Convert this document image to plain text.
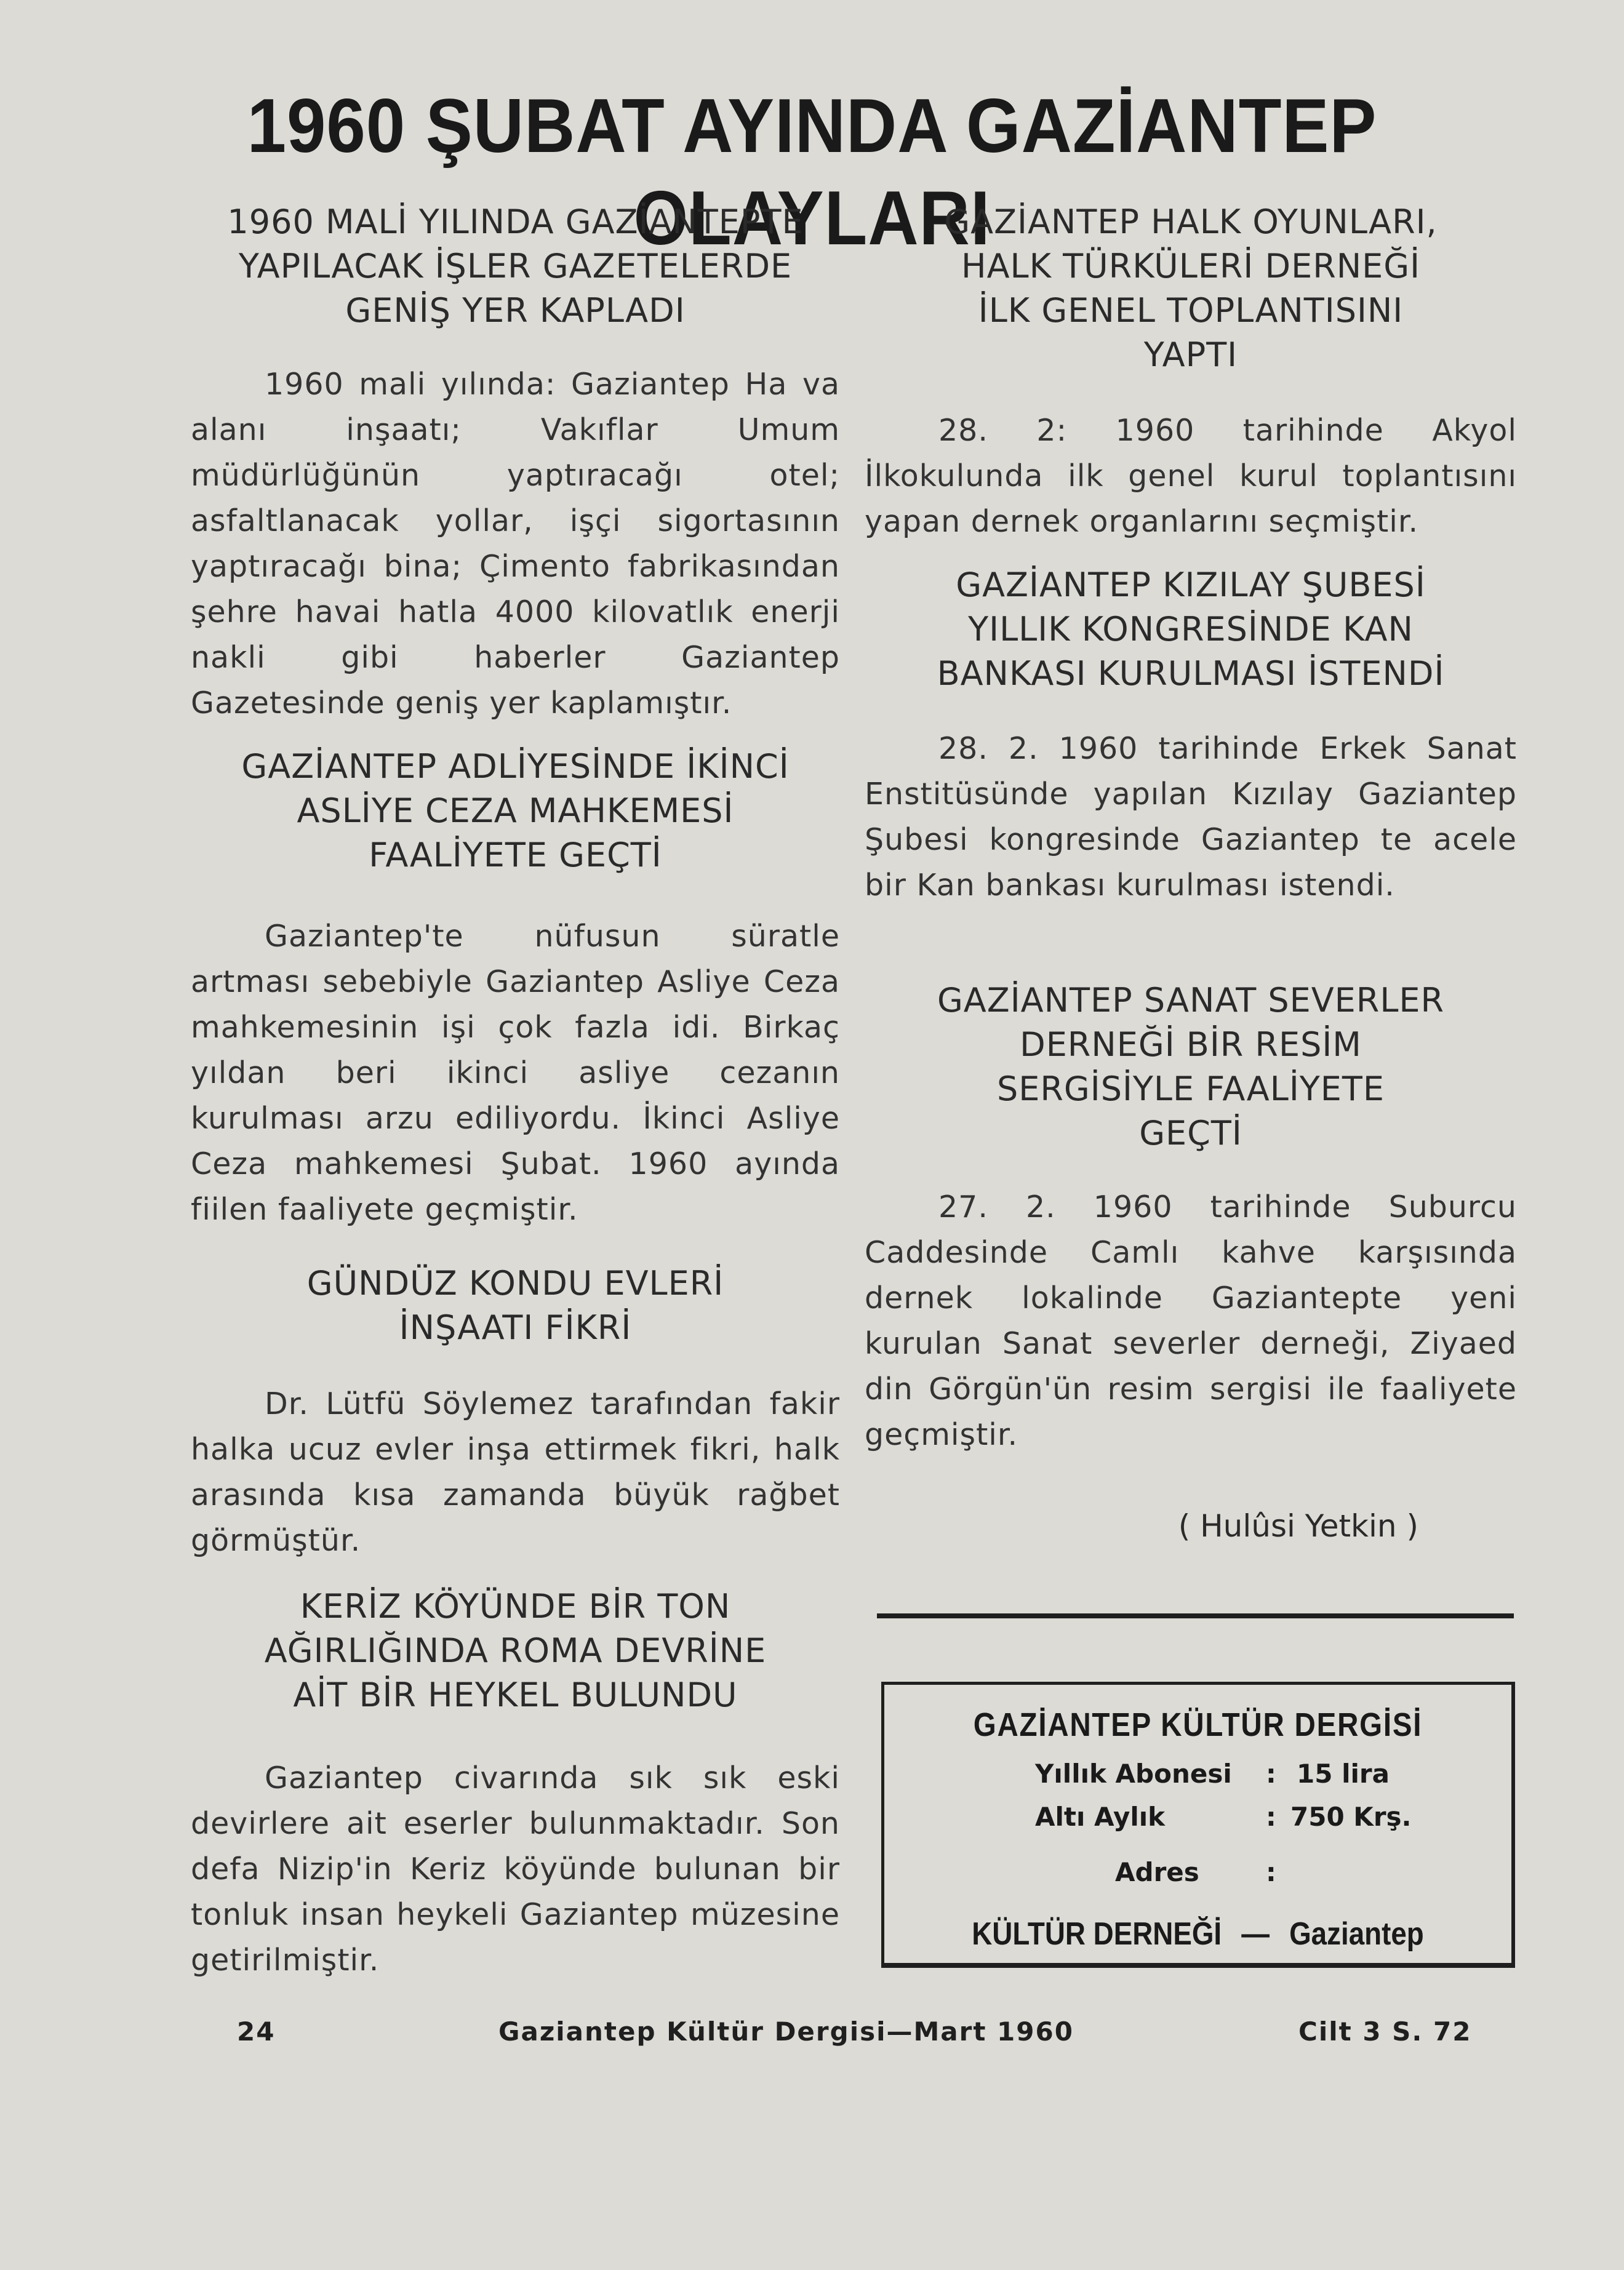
1960 ŞUBAT AYINDA GAZİANTEP OLAYLARI
1960 MALİ YILINDA GAZİANTEPTE
YAPILACAK İŞLER GAZETELERDE
GENİŞ YER KAPLADI
1960 mali yılında: Gaziantep Ha va alanı inşaatı; Vakıflar Umum müdürlüğünün yaptıracağı otel; asfaltlanacak yollar, işçi sigortasının yaptıracağı bina; Çimento fabrikasından şehre havai hatla 4000 kilovatlık enerji nakli gibi haberler Gaziantep Gazetesinde geniş yer kaplamıştır.
GAZİANTEP ADLİYESİNDE İKİNCİ
ASLİYE CEZA MAHKEMESİ
FAALİYETE GEÇTİ
Gaziantep'te nüfusun süratle artması sebebiyle Gaziantep Asliye Ceza mahkemesinin işi çok fazla idi. Birkaç yıldan beri ikinci asliye cezanın kurulması arzu ediliyordu. İkinci Asliye Ceza mahkemesi Şubat. 1960 ayında fiilen faaliyete geçmiştir.
GÜNDÜZ KONDU EVLERİ
İNŞAATI FİKRİ
Dr. Lütfü Söylemez tarafından fakir halka ucuz evler inşa ettirmek fikri, halk arasında kısa zamanda büyük rağbet görmüştür.
KERİZ KÖYÜNDE BİR TON
AĞIRLIĞINDA ROMA DEVRİNE
AİT BİR HEYKEL BULUNDU
Gaziantep civarında sık sık eski devirlere ait eserler bulunmaktadır. Son defa Nizip'in Keriz köyünde bulunan bir tonluk insan heykeli Gaziantep müzesine getirilmiştir.
GAZİANTEP HALK OYUNLARI,
HALK TÜRKÜLERİ DERNEĞİ
İLK GENEL TOPLANTISINI
YAPTI
28. 2: 1960 tarihinde Akyol İlkokulunda ilk genel kurul toplantısını yapan dernek organlarını seçmiştir.
GAZİANTEP KIZILAY ŞUBESİ
YILLIK KONGRESİNDE KAN
BANKASI KURULMASI İSTENDİ
28. 2. 1960 tarihinde Erkek Sanat Enstitüsünde yapılan Kızılay Gaziantep Şubesi kongresinde Gaziantep te acele bir Kan bankası kurulması istendi.
GAZİANTEP SANAT SEVERLER
DERNEĞİ BİR RESİM
SERGİSİYLE FAALİYETE
GEÇTİ
27. 2. 1960 tarihinde Suburcu Caddesinde Camlı kahve karşısında dernek lokalinde Gaziantepte yeni kurulan Sanat severler derneği, Ziyaed din Görgün'ün resim sergisi ile faaliyete geçmiştir.
( Hulûsi Yetkin )
GAZİANTEP KÜLTÜR DERGİSİ
Yıllık Abonesi : 15 lira
Altı Aylık	: 750 Krş.
Adres	:
KÜLTÜR DERNEĞİ — Gaziantep
24	Gaziantep Kültür Dergisi—Mart 1960	Cilt 3 S. 72
